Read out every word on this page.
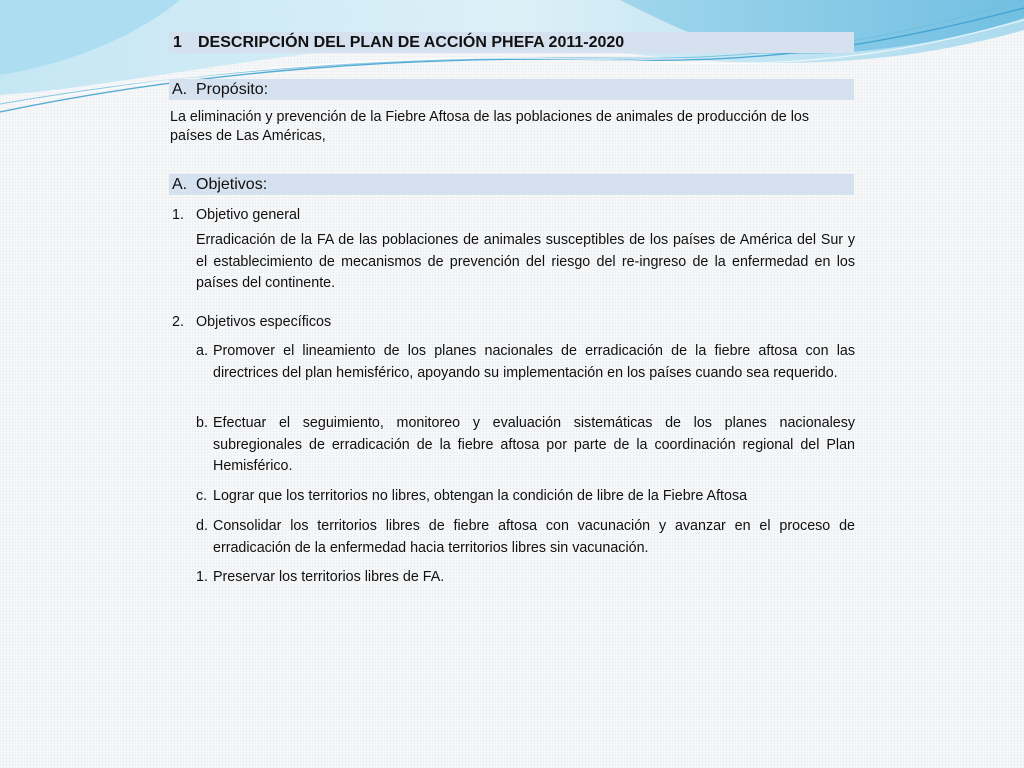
1 DESCRIPCIÓN DEL PLAN DE ACCIÓN PHEFA 2011-2020
A. Propósito:
La eliminación y prevención de la Fiebre Aftosa de las poblaciones de animales de producción de los países de Las Américas,
A. Objetivos:
1. Objetivo general
Erradicación de la FA de las poblaciones de animales susceptibles de los países de América del Sur y el establecimiento de mecanismos de prevención del riesgo del re-ingreso de la enfermedad en los países del continente.
2. Objetivos específicos
a. Promover el lineamiento de los planes nacionales de erradicación de la fiebre aftosa con las directrices del plan hemisférico, apoyando su implementación en los países cuando sea requerido.
b. Efectuar el seguimiento, monitoreo y evaluación sistemáticas de los planes nacionalesy subregionales de erradicación de la fiebre aftosa por parte de la coordinación regional del Plan Hemisférico.
c. Lograr que los territorios no libres, obtengan la condición de libre de la Fiebre Aftosa
d. Consolidar los territorios libres de fiebre aftosa con vacunación y avanzar en el proceso de erradicación de la enfermedad hacia territorios libres sin vacunación.
1. Preservar los territorios libres de FA.
